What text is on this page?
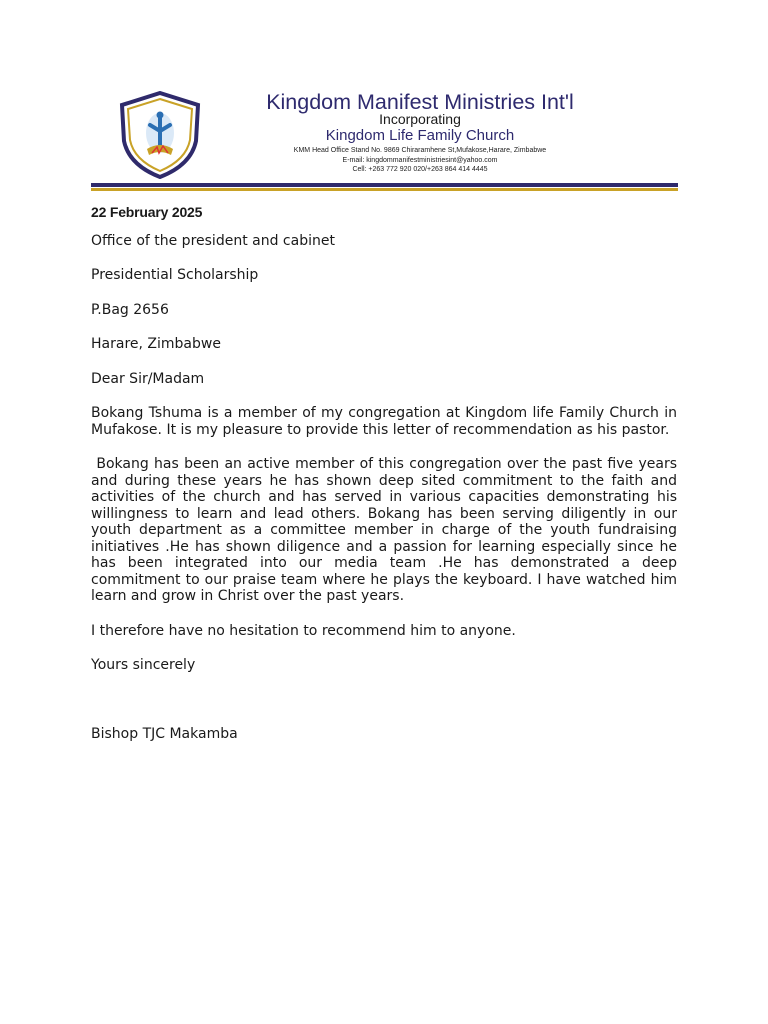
Kingdom Manifest Ministries Int'l
Incorporating
Kingdom Life Family Church
KMM Head Office Stand No. 9869 Chiraramhene St,Mufakose,Harare, Zimbabwe
E-mail: kingdommanifestministriesint@yahoo.com
Cell: +263 772 920 020/+263 864 414 4445
22 February 2025
Office of the president and cabinet
Presidential Scholarship
P.Bag 2656
Harare, Zimbabwe
Dear Sir/Madam

Bokang Tshuma is a member of my congregation at Kingdom life Family Church in Mufakose. It is my pleasure to provide this letter of recommendation as his pastor.

Bokang has been an active member of this congregation over the past five years and during these years he has shown deep sited commitment to the faith and activities of the church and has served in various capacities demonstrating his willingness to learn and lead others. Bokang has been serving diligently in our youth department as a committee member in charge of the youth fundraising initiatives .He has shown diligence and a passion for learning especially since he has been integrated into our media team .He has demonstrated a deep commitment to our praise team where he plays the keyboard. I have watched him learn and grow in Christ over the past years.

I therefore have no hesitation to recommend him to anyone.

Yours sincerely
Bishop TJC Makamba
